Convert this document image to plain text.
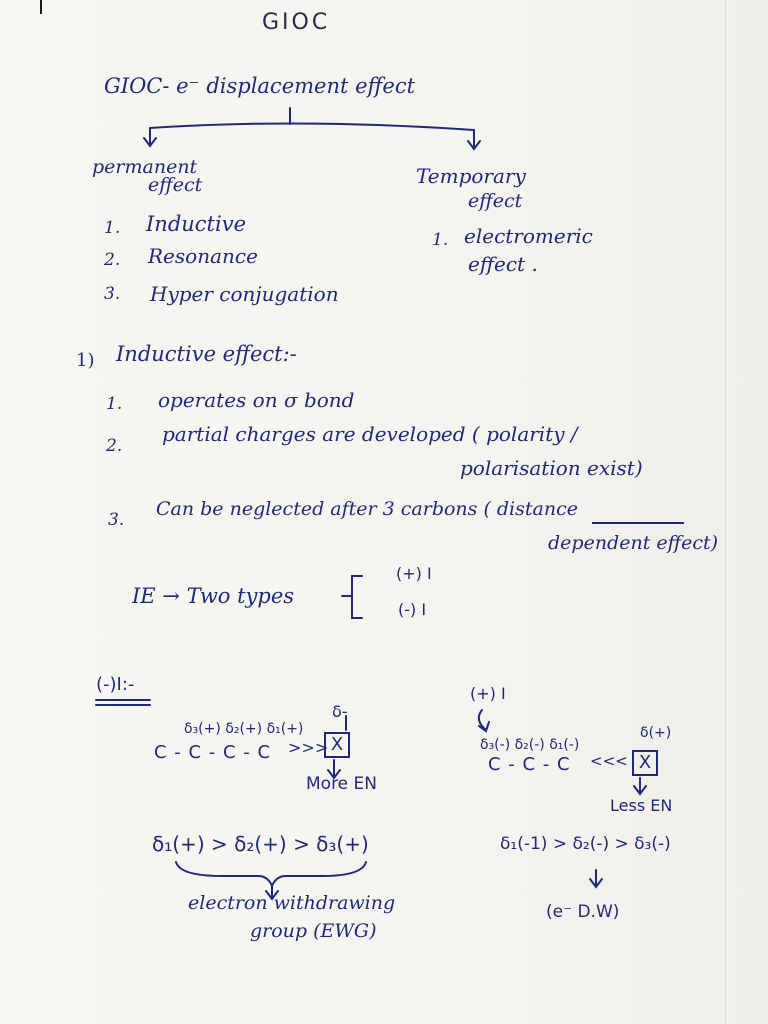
GIOC
GIOC- e⁻ displacement effect
permanent
effect
1. Inductive
2. Resonance
3. Hyper conjugation
Temporary
effect
1. electromeric
effect .
1) Inductive effect:-
1. operates on σ bond
2. partial charges are developed ( polarity /
polarisation exist)
3. Can be neglected after 3 carbons ( distance
dependent effect)
IE → Two types
(+) I
(-) I
(-)I:-
δ₃(+) δ₂(+) δ₁(+)
δ-
C - C - C - C >>> X
More EN
δ₁(+) > δ₂(+) > δ₃(+)
electron withdrawing
group (EWG)
(+) I
δ₃(-) δ₂(-) δ₁(-)
δ(+)
C - C - C <<< X
Less EN
δ₁(-1) > δ₂(-) > δ₃(-)
(e⁻ D.W)
